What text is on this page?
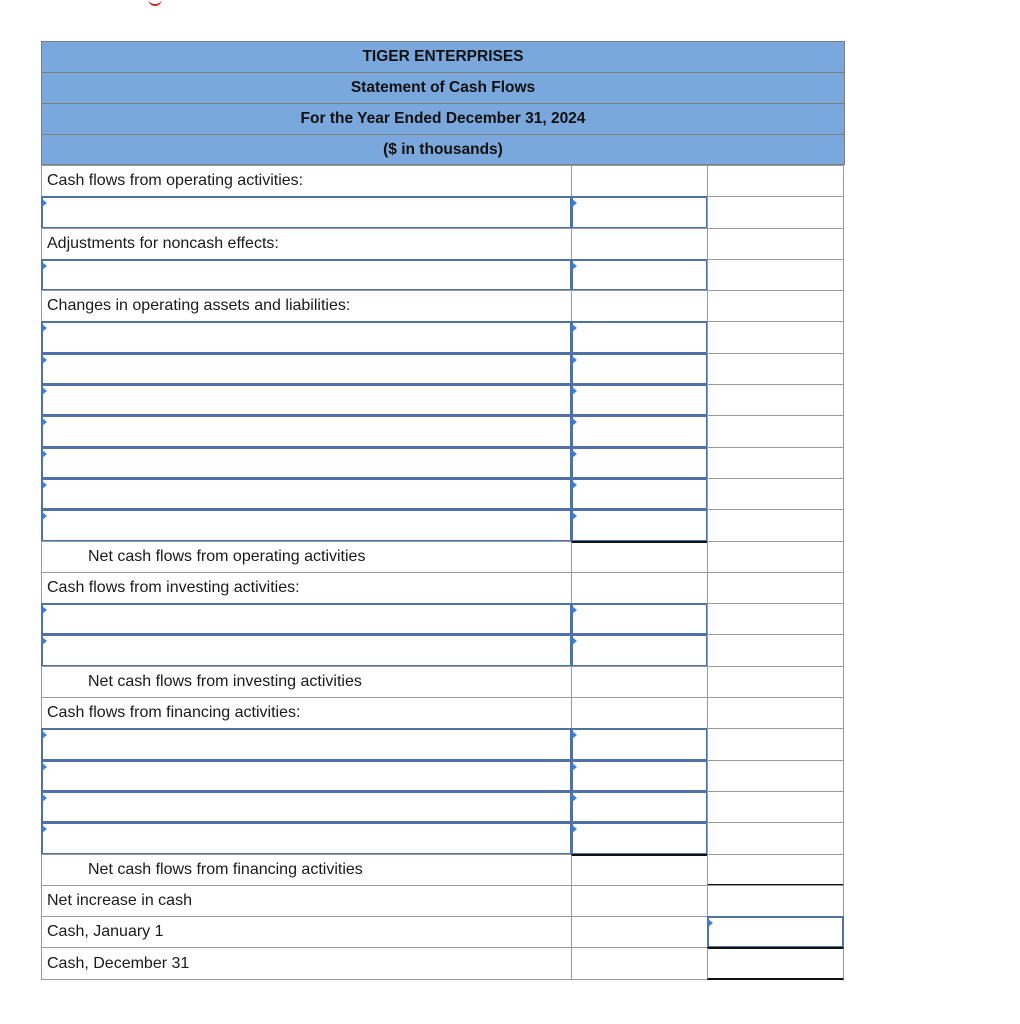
TIGER ENTERPRISES
Statement of Cash Flows
For the Year Ended December 31, 2024
($ in thousands)
Cash flows from operating activities:
Adjustments for noncash effects:
Changes in operating assets and liabilities:
Net cash flows from operating activities
Cash flows from investing activities:
Net cash flows from investing activities
Cash flows from financing activities:
Net cash flows from financing activities
Net increase in cash
Cash, January 1
Cash, December 31
